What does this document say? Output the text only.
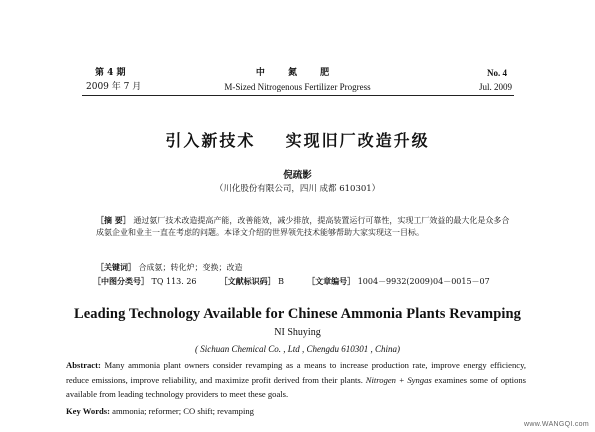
第 4 期
2009 年 7 月
中 氮 肥
M-Sized Nitrogenous Fertilizer Progress
No. 4
Jul. 2009
引入新技术    实现旧厂改造升级
倪疏影
（川化股份有限公司，四川 成都 610301）
［摘 要］ 通过氨厂技术改造提高产能，改善能效，减少排放，提高装置运行可靠性，实现工厂效益的最大化是众多合成氨企业和业主一直在考虑的问题。本译文介绍的世界领先技术能够帮助大家实现这一目标。
［关键词］ 合成氨；转化炉；变换；改造
［中图分类号］ TQ 113. 26	［文献标识码］ B	［文章编号］ 1004－9932(2009)04－0015－07
Leading Technology Available for Chinese Ammonia Plants Revamping
NI Shuying
( Sichuan Chemical Co. , Ltd , Chengdu 610301 , China)
Abstract: Many ammonia plant owners consider revamping as a means to increase production rate, improve energy efficiency, reduce emissions, improve reliability, and maximize profit derived from their plants. Nitrogen + Syngas examines some of options available from leading technology providers to meet these goals.
Key Words: ammonia; reformer; CO shift; revamping
www.WANGQI.com
